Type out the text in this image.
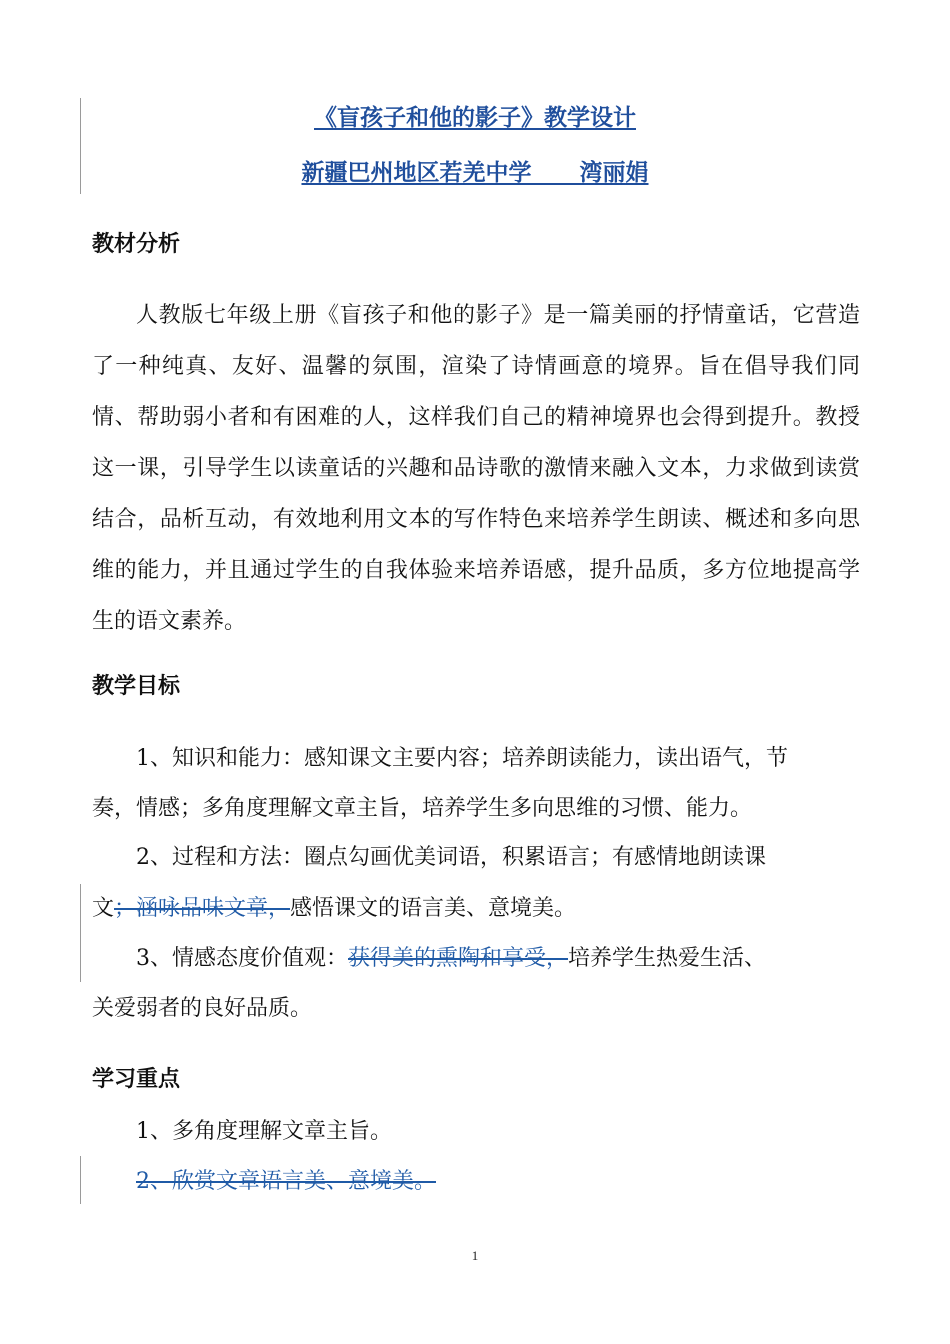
《盲孩子和他的影子》教学设计
新疆巴州地区若羌中学      湾丽娟
教材分析
人教版七年级上册《盲孩子和他的影子》是一篇美丽的抒情童话，它营造了一种纯真、友好、温馨的氛围，渲染了诗情画意的境界。旨在倡导我们同情、帮助弱小者和有困难的人，这样我们自己的精神境界也会得到提升。教授这一课，引导学生以读童话的兴趣和品诗歌的激情来融入文本，力求做到读赏结合，品析互动，有效地利用文本的写作特色来培养学生朗读、概述和多向思维的能力，并且通过学生的自我体验来培养语感，提升品质，多方位地提高学生的语文素养。
教学目标
1、知识和能力：感知课文主要内容；培养朗读能力，读出语气，节
奏，情感；多角度理解文章主旨，培养学生多向思维的习惯、能力。
2、过程和方法：圈点勾画优美词语，积累语言；有感情地朗读课
文；涵咏品味文章，感悟课文的语言美、意境美。
3、情感态度价值观：获得美的熏陶和享受，培养学生热爱生活、
关爱弱者的良好品质。
学习重点
1、多角度理解文章主旨。
2、欣赏文章语言美、意境美。
1
